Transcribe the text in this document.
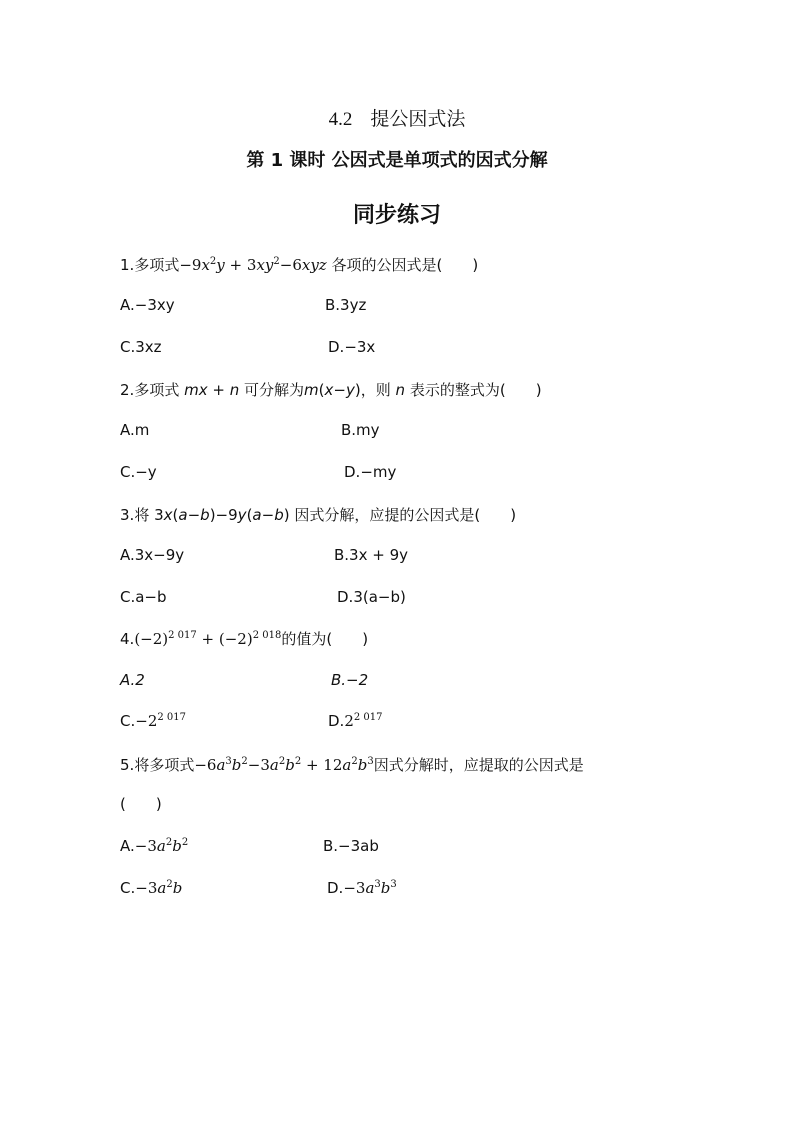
4.2 提公因式法
第 1 课时 公因式是单项式的因式分解
同步练习
1.多项式$-9x^2y + 3xy^2-6xyz$ 各项的公因式是( )
A.−3xy	B.3yz
C.3xz	D.−3x
2.多项式 mx + n 可分解为m(x−y)，则 n 表示的整式为( )
A.m	B.my
C.−y	D.−my
3.将 3x(a−b)−9y(a−b) 因式分解，应提的公因式是( )
A.3x−9y	B.3x + 9y
C.a−b	D.3(a−b)
$4.(-2)^{2 017} + (-2)^{2 018}$的值为( )
A.2	B.−2
$C.-2^{2 017}$	$D.2^{2 017}$
5.将多项式$-6a^3b^2-3a^2b^2 + 12a^2b^3$因式分解时，应提取的公因式是
( )
$A.-3a^2b^2$	B.−3ab
$C.-3a^2b$	$D.-3a^3b^3$
